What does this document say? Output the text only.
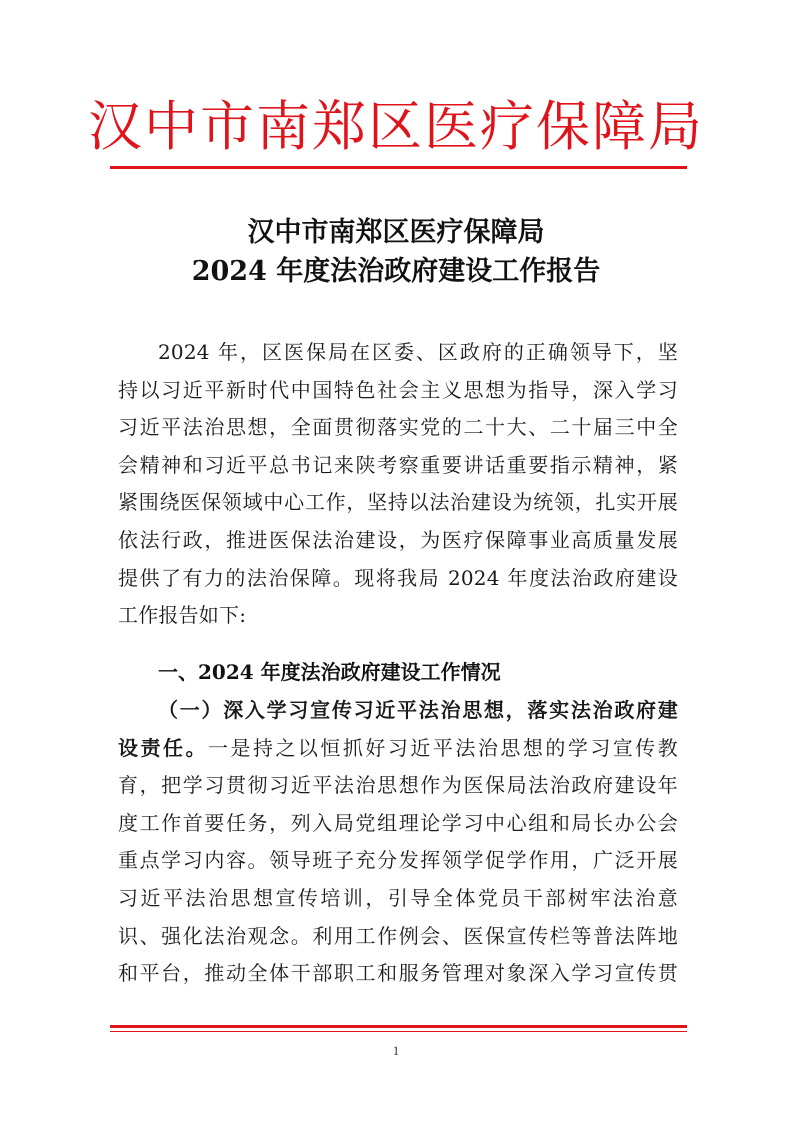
汉中市南郑区医疗保障局
汉中市南郑区医疗保障局
2024 年度法治政府建设工作报告
2024 年，区医保局在区委、区政府的正确领导下，坚
持以习近平新时代中国特色社会主义思想为指导，深入学习
习近平法治思想，全面贯彻落实党的二十大、二十届三中全
会精神和习近平总书记来陕考察重要讲话重要指示精神，紧
紧围绕医保领域中心工作，坚持以法治建设为统领，扎实开展
依法行政，推进医保法治建设，为医疗保障事业高质量发展
提供了有力的法治保障。现将我局 2024 年度法治政府建设
工作报告如下:
一、2024 年度法治政府建设工作情况
（一）深入学习宣传习近平法治思想，落实法治政府建
设责任。一是持之以恒抓好习近平法治思想的学习宣传教
育，把学习贯彻习近平法治思想作为医保局法治政府建设年
度工作首要任务，列入局党组理论学习中心组和局长办公会
重点学习内容。领导班子充分发挥领学促学作用，广泛开展
习近平法治思想宣传培训，引导全体党员干部树牢法治意
识、强化法治观念。利用工作例会、医保宣传栏等普法阵地
和平台，推动全体干部职工和服务管理对象深入学习宣传贯
1
